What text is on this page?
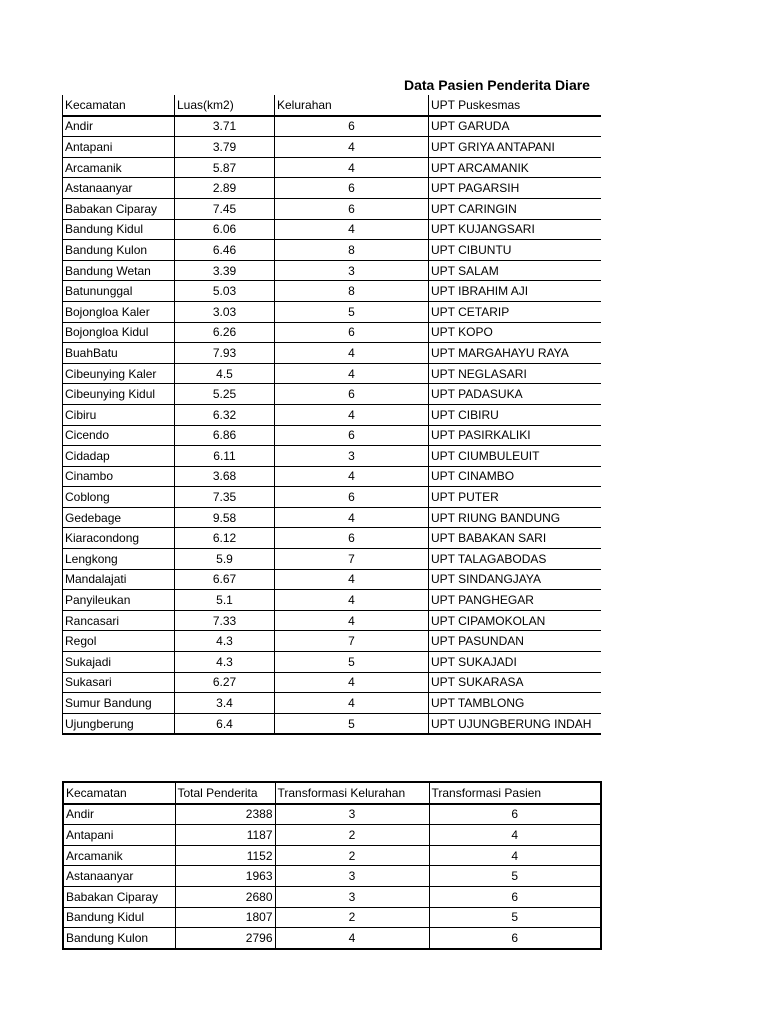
Data Pasien Penderita Diare
Kecamatan	Luas(km2)	Kelurahan	UPT Puskesmas
Andir	3.71	6	UPT GARUDA
Antapani	3.79	4	UPT GRIYA ANTAPANI
Arcamanik	5.87	4	UPT ARCAMANIK
Astanaanyar	2.89	6	UPT PAGARSIH
Babakan Ciparay	7.45	6	UPT CARINGIN
Bandung Kidul	6.06	4	UPT KUJANGSARI
Bandung Kulon	6.46	8	UPT CIBUNTU
Bandung Wetan	3.39	3	UPT SALAM
Batununggal	5.03	8	UPT IBRAHIM AJI
Bojongloa Kaler	3.03	5	UPT CETARIP
Bojongloa Kidul	6.26	6	UPT KOPO
BuahBatu	7.93	4	UPT MARGAHAYU RAYA
Cibeunying Kaler	4.5	4	UPT NEGLASARI
Cibeunying Kidul	5.25	6	UPT PADASUKA
Cibiru	6.32	4	UPT CIBIRU
Cicendo	6.86	6	UPT PASIRKALIKI
Cidadap	6.11	3	UPT CIUMBULEUIT
Cinambo	3.68	4	UPT CINAMBO
Coblong	7.35	6	UPT PUTER
Gedebage	9.58	4	UPT RIUNG BANDUNG
Kiaracondong	6.12	6	UPT BABAKAN SARI
Lengkong	5.9	7	UPT TALAGABODAS
Mandalajati	6.67	4	UPT SINDANGJAYA
Panyileukan	5.1	4	UPT PANGHEGAR
Rancasari	7.33	4	UPT CIPAMOKOLAN
Regol	4.3	7	UPT PASUNDAN
Sukajadi	4.3	5	UPT SUKAJADI
Sukasari	6.27	4	UPT SUKARASA
Sumur Bandung	3.4	4	UPT TAMBLONG
Ujungberung	6.4	5	UPT UJUNGBERUNG INDAH
Kecamatan	Total Penderita	Transformasi Kelurahan	Transformasi Pasien
Andir	2388	3	6
Antapani	1187	2	4
Arcamanik	1152	2	4
Astanaanyar	1963	3	5
Babakan Ciparay	2680	3	6
Bandung Kidul	1807	2	5
Bandung Kulon	2796	4	6
